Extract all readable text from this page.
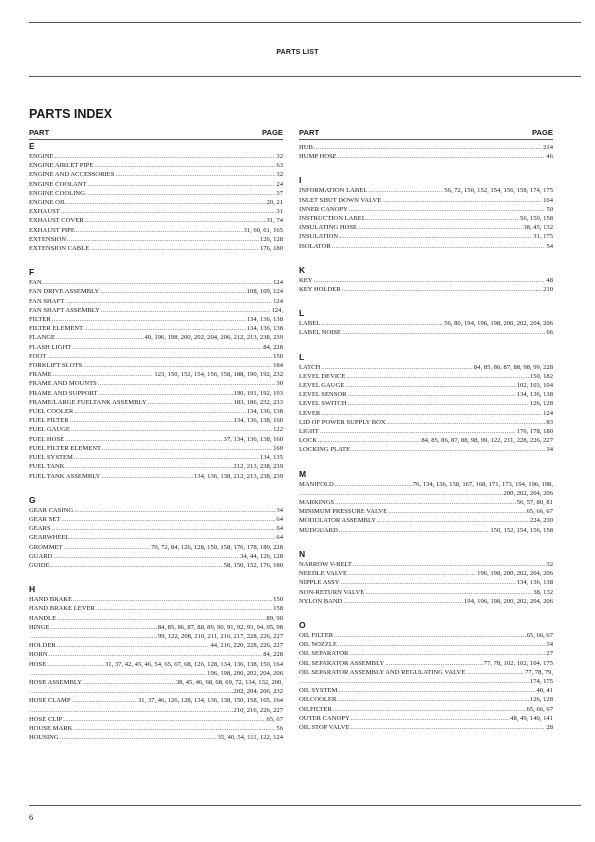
PARTS LIST
PARTS INDEX
PART	PAGE
E
ENGINE .....	32
ENGINE AIRLET PIPE .....	63
ENGINE AND ACCESSORIES .....	32
ENGINE COOLANT .....	24
ENGINE COOLING .....	37
ENGINE OIL .....	20, 21
EXHAUST .....	31
EXHAUST COVER .....	31, 74
EXHAUST PIPE .....	31, 60, 61, 165
EXTENSION .....	126, 128
EXTENSION CABLE .....	176, 180
F
FAN .....	124
FAN DRIVE ASSEMBLY .....	108, 109, 124
FAN SHAFT .....	124
FAN SHAFT ASSEMBLY .....	124,
FILTER .....	134, 136, 138
FILTER ELEMENT .....	134, 136, 138
FLANGE .....	40, 196, 198, 200, 202, 204, 206, 212, 213, 238, 239
FLASH LIGHT .....	84, 228
FOOT .....	150
FORKLIFT SLOTS .....	184
FRAME .....	123, 150, 152, 154, 156, 158, 188, 190, 192, 232
FRAME AND MOUNTS .....	30
FRAME AND SUPPORT .....	190, 191, 192, 193
FRAME/LARGE FUELTANK ASSEMBLY .....	183, 186, 232, 233
FUEL COOLER .....	134, 136, 138
FUEL FILTER .....	134, 136, 138, 160
FUEL GAUGE .....	122
FUEL HOSE .....	37, 134, 136, 138, 160
FUEL FILTER ELEMENT .....	160
FUEL SYSTEM .....	134, 135
FUEL TANK .....	212, 213, 238, 239
FUEL TANK ASSEMBLY .....	134, 136, 138, 212, 213, 238, 239
G
GEAR CASING .....	34
GEAR SET .....	64
GEARS .....	64
GEARWHEEL .....	64
GROMMET .....	70, 72, 84, 126, 128, 150, 158, 176, 178, 180, 228
GUARD .....	34, 44, 126, 128
GUIDE .....	58, 150, 152, 176, 180
H
HAND BRAKE .....	150
HAND BRAKE LEVER .....	158
HANDLE .....	89, 90
HINGE .....	84, 85, 86, 87, 88, 89, 90, 91, 92, 93, 94, 95, 98
.....
99, 122, 208, 210, 211, 216, 217, 228, 226, 227
HOLDER .....	44, 216, 220, 228, 226, 227
HORN .....	84, 228
HOSE .....	31, 37, 42, 45, 46, 54, 65, 67, 68, 126, 128, 134, 136, 138, 150, 164
.....
196, 198, 200, 202, 204, 206
HOSE ASSEMBLY .....	38, 45, 46, 68, 68, 69, 72, 134, 132, 200,
.....
202, 204, 206, 232
HOSE CLAMP .....	31, 37, 46, 126, 128, 134, 136, 138, 150, 158, 165, 164
.....
210, 216, 226, 227
HOSE CLIP .....	65, 67
HOUSE MARK .....	56
HOUSING .....	35, 40, 54, 111, 122, 124
PART	PAGE
HUB .....	214
HUMP HOSE .....	46
I
INFORMATION LABEL .....	56, 72, 150, 152, 154, 156, 158, 174, 175
INLET SHUT DOWN VALVE .....	164
INNER CANOPY .....	50
INSTRUCTION LABEL .....	56, 150, 158
INSULATING HOSE .....	38, 45, 132
INSULATION .....	31, 175
ISOLATOR .....	54
K
KEY .....	48
KEY HOLDER .....	210
L
LABEL .....	56, 80, 194, 196, 198, 200, 202, 204, 206
LABEL NOISE .....	66
L
LATCH .....	84, 85, 86, 87, 88, 98, 99, 228
LEVEL DEVICE .....	150, 182
LEVEL GAUGE .....	102, 103, 104
LEVEL SENSOR .....	134, 136, 138
LEVEL SWITCH .....	126, 128
LEVER .....	124
LID OF POWER SUPPLY BOX .....	83
LIGHT .....	176, 178, 180
LOCK .....	84, 85, 86, 87, 88, 98, 99, 122, 211, 228, 226, 227
LOCKING PLATE .....	34
M
MANIFOLD .....	76, 134, 136, 138, 167, 168, 171, 173, 194, 196, 198,
.....
200, 202, 204, 206
MARKINGS .....	56, 57, 80, 81
MINIMUM PRESSURE VALVE .....	65, 66, 67
MODULATOR ASSEMBLY .....	224, 230
MUDGUARD .....	150, 152, 154, 156, 158
N
NARROW V-BELT .....	32
NEEDLE VALVE .....	196, 198, 200, 202, 204, 206
NIPPLE ASSY .....	134, 136, 138
NON-RETURN VALVE .....	38, 132
NYLON BAND .....	194, 196, 198, 200, 202, 204, 206
O
OIL FILTER .....	65, 66, 67
OIL NOZZLE .....	34
OIL SEPARATOR .....	27
OIL SEPARATOR ASSEMBLY .....	77, 78, 102, 102, 104, 175
OIL SEPARATOR ASSEMBLY AND REGULATING VALVE .....	77, 78, 79,
.....
174, 175
OIL SYSTEM .....	40, 41
OILCOOLER .....	126, 128
OILFILTER .....	65, 66, 67
OUTER CANOPY .....	48, 49, 140, 141
OIL STOP VALVE .....	28
6
